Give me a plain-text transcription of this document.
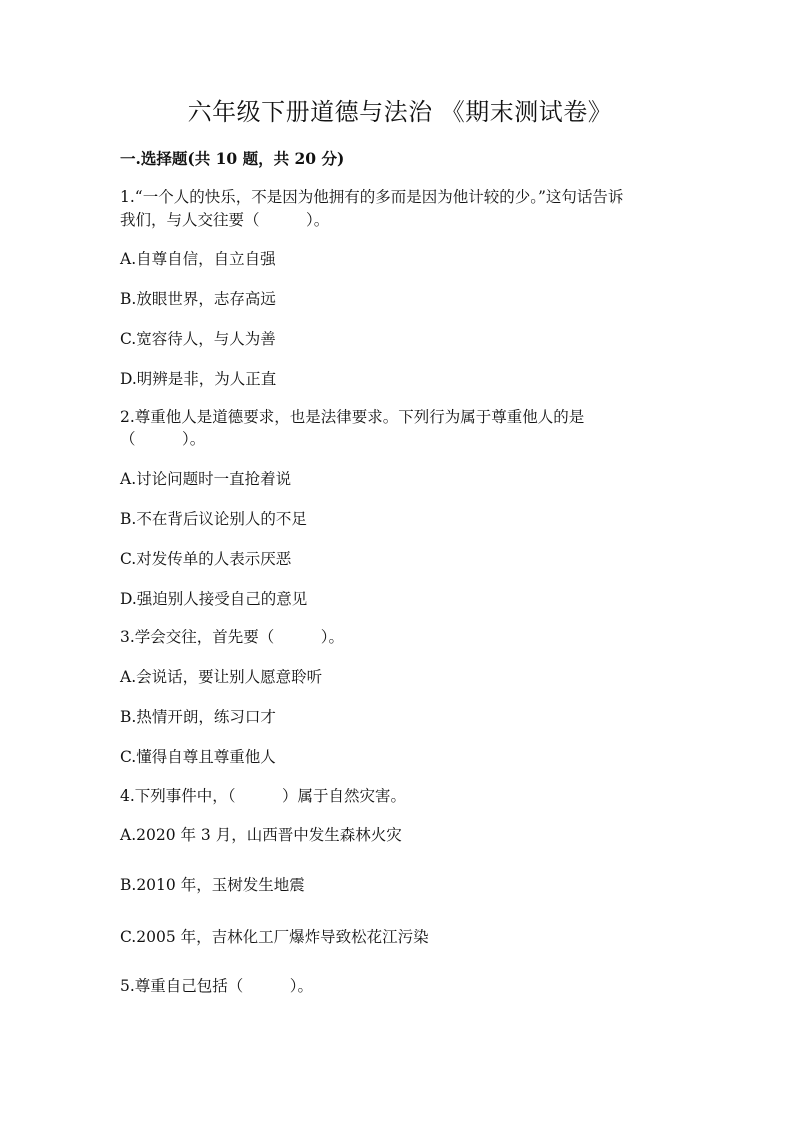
六年级下册道德与法治 《期末测试卷》
一.选择题(共 10 题，共 20 分)
1.“一个人的快乐，不是因为他拥有的多而是因为他计较的少。”这句话告诉
我们，与人交往要（　　　）。
A.自尊自信，自立自强
B.放眼世界，志存高远
C.宽容待人，与人为善
D.明辨是非，为人正直
2.尊重他人是道德要求，也是法律要求。下列行为属于尊重他人的是
（　　　）。
A.讨论问题时一直抢着说
B.不在背后议论别人的不足
C.对发传单的人表示厌恶
D.强迫别人接受自己的意见
3.学会交往，首先要（　　　）。
A.会说话，要让别人愿意聆听
B.热情开朗，练习口才
C.懂得自尊且尊重他人
4.下列事件中，（　　　）属于自然灾害。
A.2020 年 3 月，山西晋中发生森林火灾
B.2010 年，玉树发生地震
C.2005 年，吉林化工厂爆炸导致松花江污染
5.尊重自己包括（　　　）。
